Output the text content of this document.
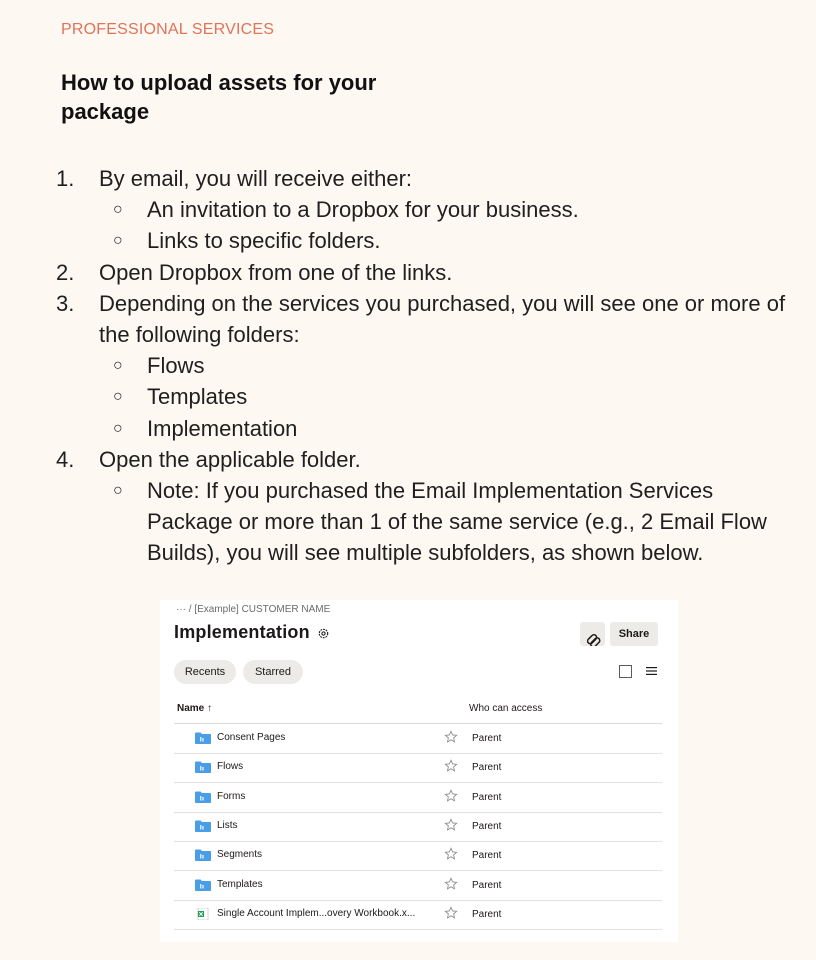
PROFESSIONAL SERVICES
How to upload assets for your package
1.	By email, you will receive either:
○ An invitation to a Dropbox for your business.
○ Links to specific folders.
2.	Open Dropbox from one of the links.
3.	Depending on the services you purchased, you will see one or more of the following folders:
○ Flows
○ Templates
○ Implementation
4.	Open the applicable folder.
○ Note: If you purchased the Email Implementation Services Package or more than 1 of the same service (e.g., 2 Email Flow Builds), you will see multiple subfolders, as shown below.
··· / [Example] CUSTOMER NAME
Implementation	Share
Recents	Starred
Name ↑	Who can access
Consent Pages	Parent
Flows	Parent
Forms	Parent
Lists	Parent
Segments	Parent
Templates	Parent
Single Account Implem...overy Workbook.x...	Parent
